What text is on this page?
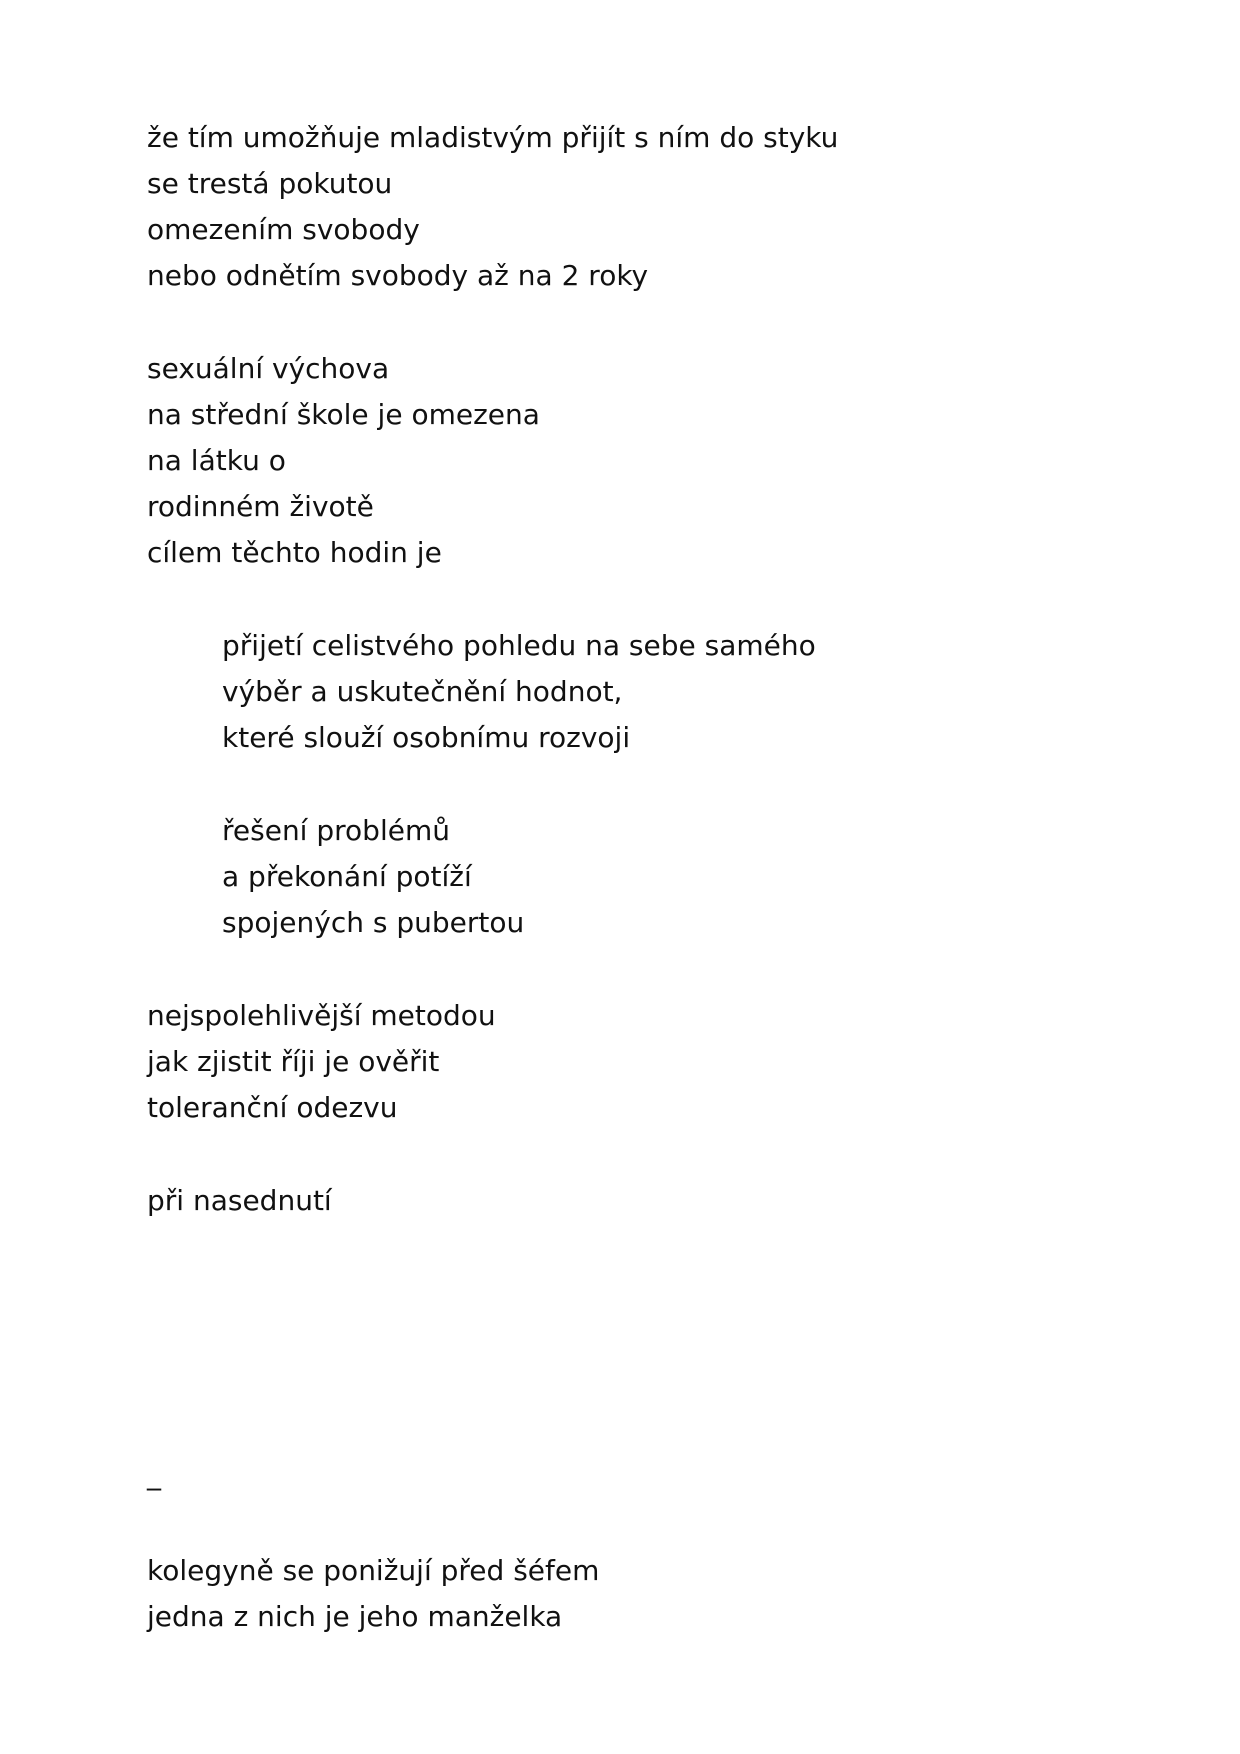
že tím umožňuje mladistvým přijít s ním do styku
se trestá pokutou
omezením svobody
nebo odnětím svobody až na 2 roky
sexuální výchova
na střední škole je omezena
na látku o
rodinném životě
cílem těchto hodin je
přijetí celistvého pohledu na sebe samého
výběr a uskutečnění hodnot,
které slouží osobnímu rozvoji
řešení problémů
a překonání potíží
spojených s pubertou
nejspolehlivější metodou
jak zjistit říji je ověřit
toleranční odezvu
při nasednutí
_
kolegyně se ponižují před šéfem
jedna z nich je jeho manželka
